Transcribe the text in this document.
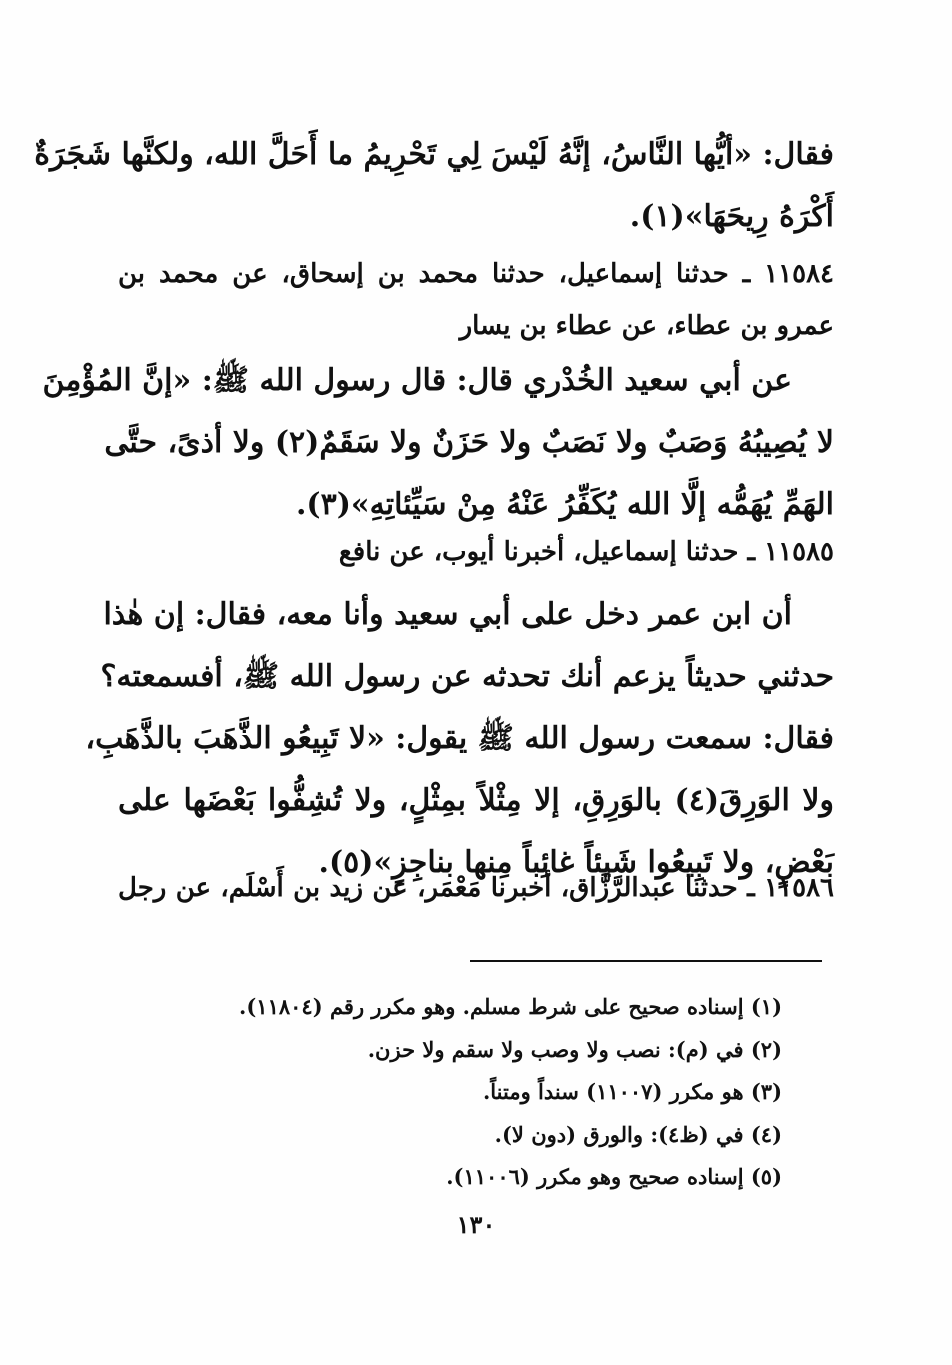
فقال: «أيُّها النَّاسُ، إنَّهُ لَيْسَ لِي تَحْرِيمُ ما أَحَلَّ الله، ولكنَّها شَجَرَةٌ
أَكْرَهُ رِيحَهَا»(١).
١١٥٨٤ ـ حدثنا إسماعيل، حدثنا محمد بن إسحاق، عن محمد بن
عمرو بن عطاء، عن عطاء بن يسار
عن أبي سعيد الخُدْري قال: قال رسول الله ﷺ: «إنَّ المُؤْمِنَ
لا يُصِيبُهُ وَصَبٌ ولا نَصَبٌ ولا حَزَنٌ ولا سَقَمٌ(٢) ولا أذىً، حتَّى
الهَمِّ يُهَمُّه إلَّا الله يُكَفِّرُ عَنْهُ مِنْ سَيِّئاتِهِ»(٣).
١١٥٨٥ ـ حدثنا إسماعيل، أخبرنا أيوب، عن نافع
أن ابن عمر دخل على أبي سعيد وأنا معه، فقال: إن هٰذا
حدثني حديثاً يزعم أنك تحدثه عن رسول الله ﷺ، أفسمعته؟
فقال: سمعت رسول الله ﷺ يقول: «لا تَبِيعُو الذَّهَبَ بالذَّهَبِ،
ولا الوَرِقَ(٤) بالوَرِقِ، إلا مِثْلاً بمِثْلٍ، ولا تُشِفُّوا بَعْضَها على
بَعْضٍ، ولا تَبِيعُوا شَيئاً غائِباً مِنها بناجِزٍ»(٥).
١١٥٨٦ ـ حدثنا عبدالرَّزَّاق، أخبرنا مَعْمَر، عن زيد بن أَسْلَم، عن رجل
(١) إسناده صحيح على شرط مسلم. وهو مكرر رقم (١١٨٠٤).
(٢) في (م): نصب ولا وصب ولا سقم ولا حزن.
(٣) هو مكرر (١١٠٠٧) سنداً ومتناً.
(٤) في (ظ٤): والورق (دون لا).
(٥) إسناده صحيح وهو مكرر (١١٠٠٦).
١٣٠
